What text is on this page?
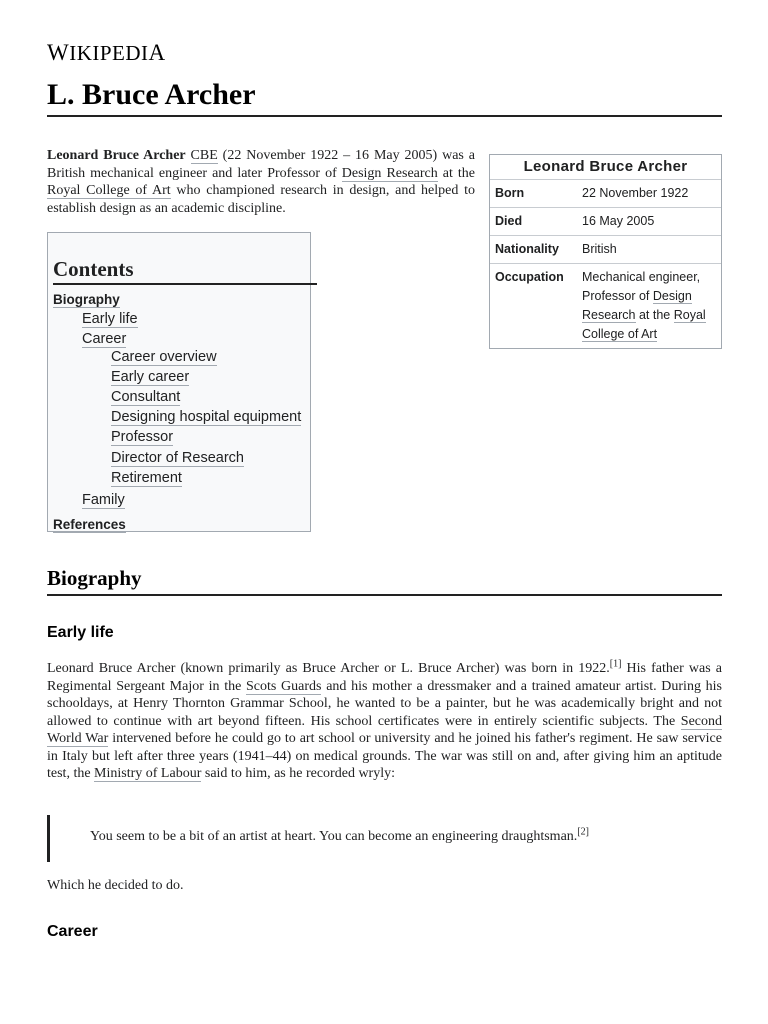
WIKIPEDIA
L. Bruce Archer
Leonard Bruce Archer CBE (22 November 1922 – 16 May 2005) was a British mechanical engineer and later Professor of Design Research at the Royal College of Art who championed research in design, and helped to establish design as an academic discipline.
Leonard Bruce Archer
Born	22 November 1922
Died	16 May 2005
Nationality	British
Occupation	Mechanical engineer, Professor of Design Research at the Royal College of Art
Contents
Biography
Early life
Career
Career overview
Early career
Consultant
Designing hospital equipment
Professor
Director of Research
Retirement
Family
References
Biography
Early life
Leonard Bruce Archer (known primarily as Bruce Archer or L. Bruce Archer) was born in 1922.[1] His father was a Regimental Sergeant Major in the Scots Guards and his mother a dressmaker and a trained amateur artist. During his schooldays, at Henry Thornton Grammar School, he wanted to be a painter, but he was academically bright and not allowed to continue with art beyond fifteen. His school certificates were in entirely scientific subjects. The Second World War intervened before he could go to art school or university and he joined his father's regiment. He saw service in Italy but left after three years (1941–44) on medical grounds. The war was still on and, after giving him an aptitude test, the Ministry of Labour said to him, as he recorded wryly:
You seem to be a bit of an artist at heart. You can become an engineering draughtsman.[2]
Which he decided to do.
Career
